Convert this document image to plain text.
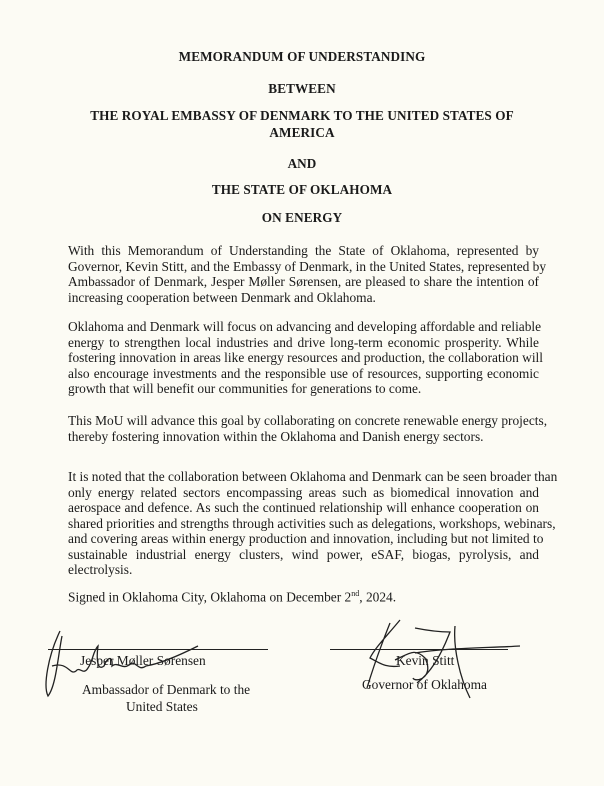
MEMORANDUM OF UNDERSTANDING
BETWEEN
THE ROYAL EMBASSY OF DENMARK TO THE UNITED STATES OF
AMERICA
AND
THE STATE OF OKLAHOMA
ON ENERGY
With this Memorandum of Understanding the State of Oklahoma, represented by
Governor, Kevin Stitt, and the Embassy of Denmark, in the United States, represented by
Ambassador of Denmark, Jesper Møller Sørensen, are pleased to share the intention of
increasing cooperation between Denmark and Oklahoma.
Oklahoma and Denmark will focus on advancing and developing affordable and reliable
energy to strengthen local industries and drive long-term economic prosperity. While
fostering innovation in areas like energy resources and production, the collaboration will
also encourage investments and the responsible use of resources, supporting economic
growth that will benefit our communities for generations to come.
This MoU will advance this goal by collaborating on concrete renewable energy projects,
thereby fostering innovation within the Oklahoma and Danish energy sectors.
It is noted that the collaboration between Oklahoma and Denmark can be seen broader than
only energy related sectors encompassing areas such as biomedical innovation and
aerospace and defence. As such the continued relationship will enhance cooperation on
shared priorities and strengths through activities such as delegations, workshops, webinars,
and covering areas within energy production and innovation, including but not limited to
sustainable industrial energy clusters, wind power, eSAF, biogas, pyrolysis, and
electrolysis.
Signed in Oklahoma City, Oklahoma on December 2nd, 2024.
Jesper Møller Sørensen
Ambassador of Denmark to the
United States
Kevin Stitt
Governor of Oklahoma
